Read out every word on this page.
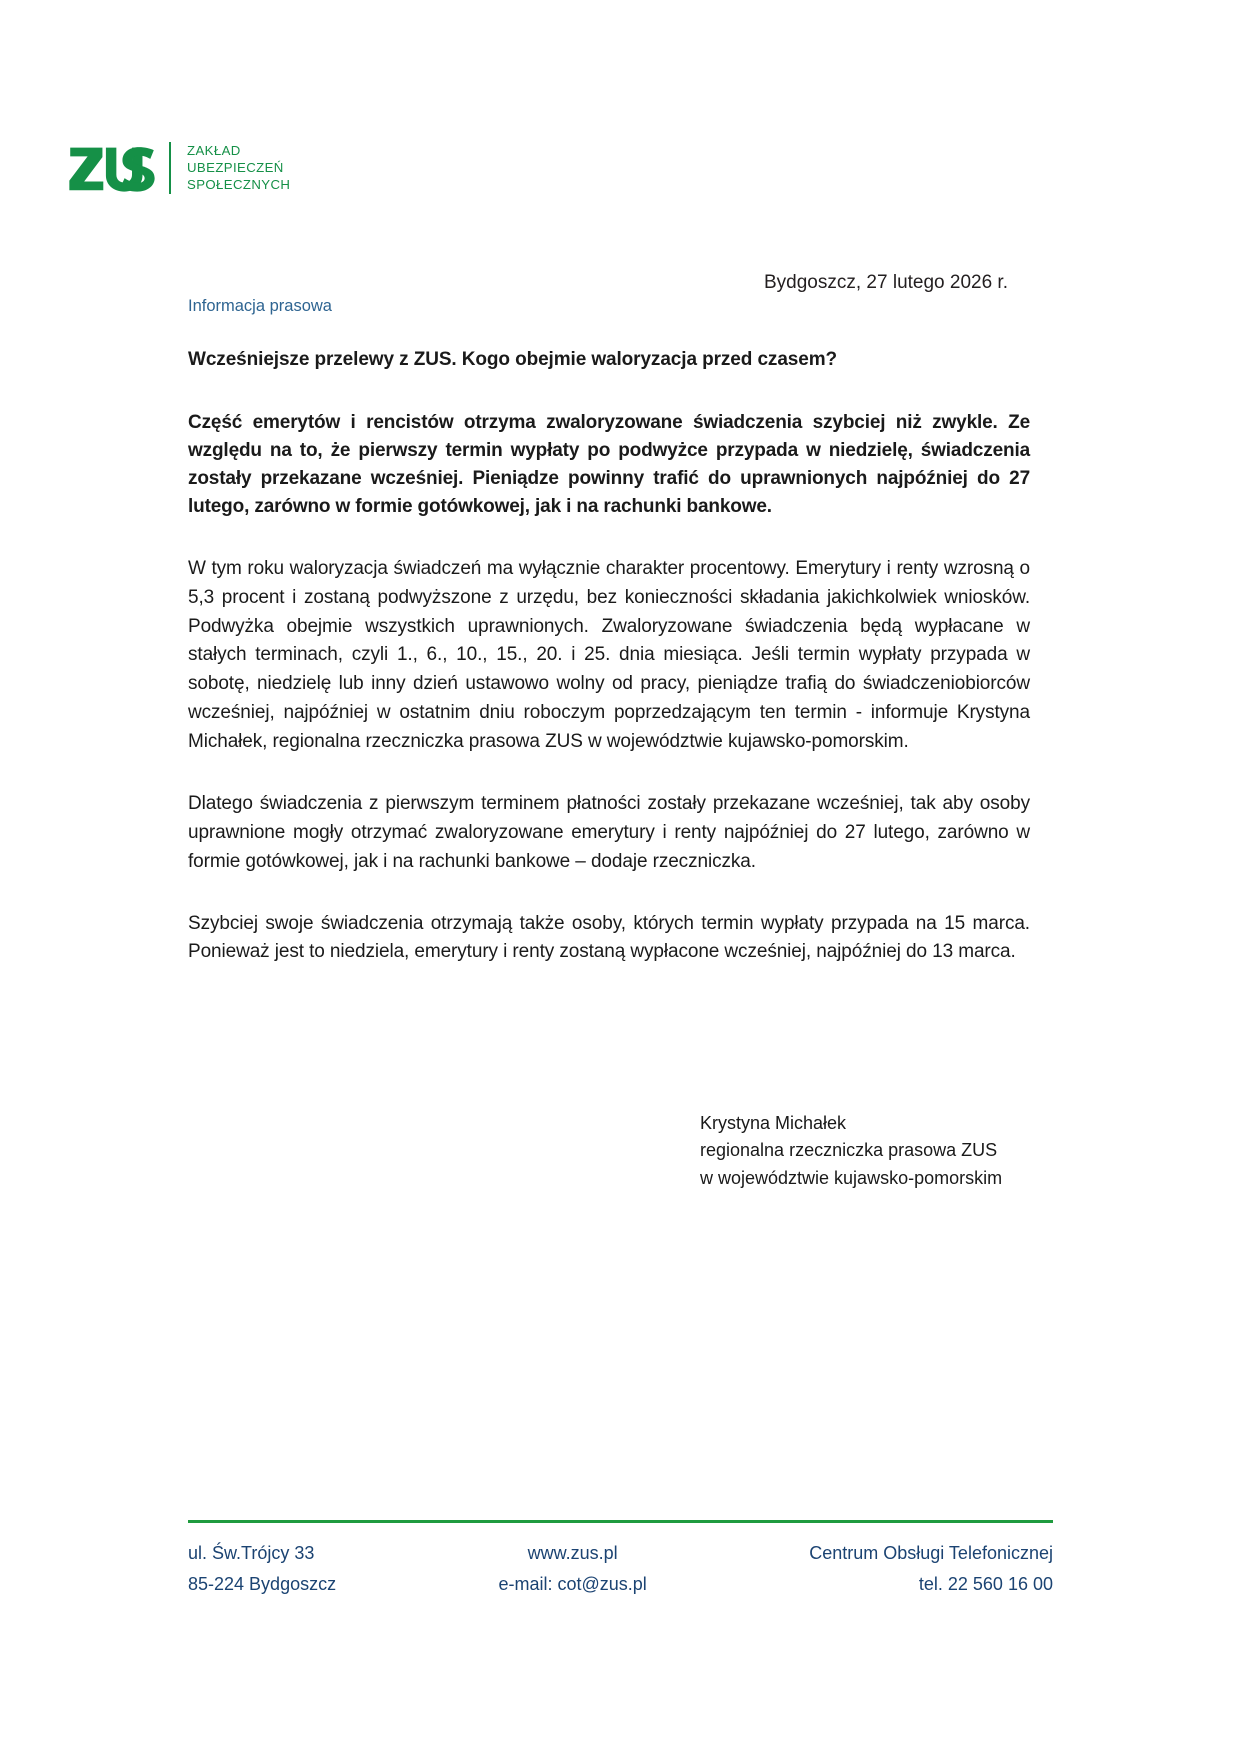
ZAKŁAD
UBEZPIECZEŃ
SPOŁECZNYCH
Bydgoszcz, 27 lutego 2026 r.
Informacja prasowa
Wcześniejsze przelewy z ZUS. Kogo obejmie waloryzacja przed czasem?
Część emerytów i rencistów otrzyma zwaloryzowane świadczenia szybciej niż zwykle. Ze względu na to, że pierwszy termin wypłaty po podwyżce przypada w niedzielę, świadczenia zostały przekazane wcześniej. Pieniądze powinny trafić do uprawnionych najpóźniej do 27 lutego, zarówno w formie gotówkowej, jak i na rachunki bankowe.

W tym roku waloryzacja świadczeń ma wyłącznie charakter procentowy. Emerytury i renty wzrosną o 5,3 procent i zostaną podwyższone z urzędu, bez konieczności składania jakichkolwiek wniosków. Podwyżka obejmie wszystkich uprawnionych. Zwaloryzowane świadczenia będą wypłacane w stałych terminach, czyli 1., 6., 10., 15., 20. i 25. dnia miesiąca. Jeśli termin wypłaty przypada w sobotę, niedzielę lub inny dzień ustawowo wolny od pracy, pieniądze trafią do świadczeniobiorców wcześniej, najpóźniej w ostatnim dniu roboczym poprzedzającym ten termin - informuje Krystyna Michałek, regionalna rzeczniczka prasowa ZUS w województwie kujawsko-pomorskim.

Dlatego świadczenia z pierwszym terminem płatności zostały przekazane wcześniej, tak aby osoby uprawnione mogły otrzymać zwaloryzowane emerytury i renty najpóźniej do 27 lutego, zarówno w formie gotówkowej, jak i na rachunki bankowe – dodaje rzeczniczka.

Szybciej swoje świadczenia otrzymają także osoby, których termin wypłaty przypada na 15 marca. Ponieważ jest to niedziela, emerytury i renty zostaną wypłacone wcześniej, najpóźniej do 13 marca.

Krystyna Michałek
regionalna rzeczniczka prasowa ZUS
w województwie kujawsko-pomorskim
ul. Św.Trójcy 33
85-224 Bydgoszcz
www.zus.pl
e-mail: cot@zus.pl
Centrum Obsługi Telefonicznej
tel. 22 560 16 00
